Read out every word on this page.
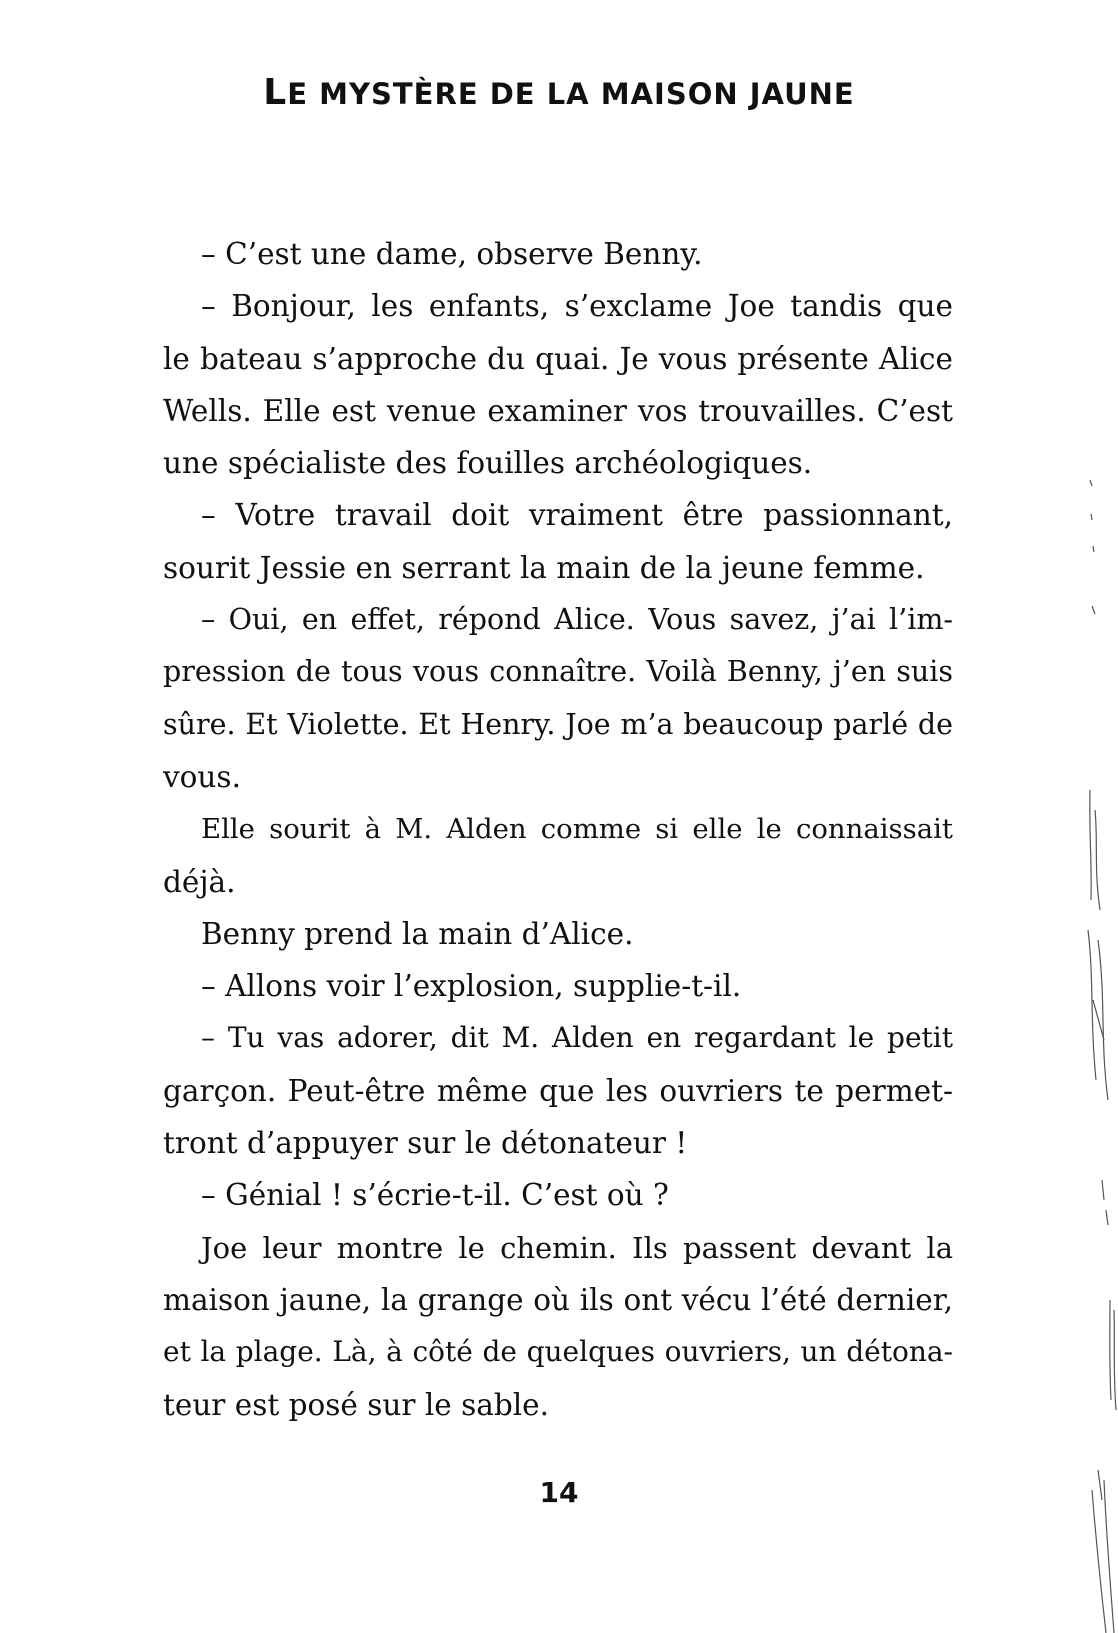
LE MYSTÈRE DE LA MAISON JAUNE
– C’est une dame, observe Benny.
– Bonjour, les enfants, s’exclame Joe tandis que
le bateau s’approche du quai. Je vous présente Alice
Wells. Elle est venue examiner vos trouvailles. C’est
une spécialiste des fouilles archéologiques.
– Votre travail doit vraiment être passionnant,
sourit Jessie en serrant la main de la jeune femme.
– Oui, en effet, répond Alice. Vous savez, j’ai l’im-
pression de tous vous connaître. Voilà Benny, j’en suis
sûre. Et Violette. Et Henry. Joe m’a beaucoup parlé de
vous.
Elle sourit à M. Alden comme si elle le connaissait
déjà.
Benny prend la main d’Alice.
– Allons voir l’explosion, supplie-t-il.
– Tu vas adorer, dit M. Alden en regardant le petit
garçon. Peut-être même que les ouvriers te permet-
tront d’appuyer sur le détonateur !
– Génial ! s’écrie-t-il. C’est où ?
Joe leur montre le chemin. Ils passent devant la
maison jaune, la grange où ils ont vécu l’été dernier,
et la plage. Là, à côté de quelques ouvriers, un détona-
teur est posé sur le sable.
14
